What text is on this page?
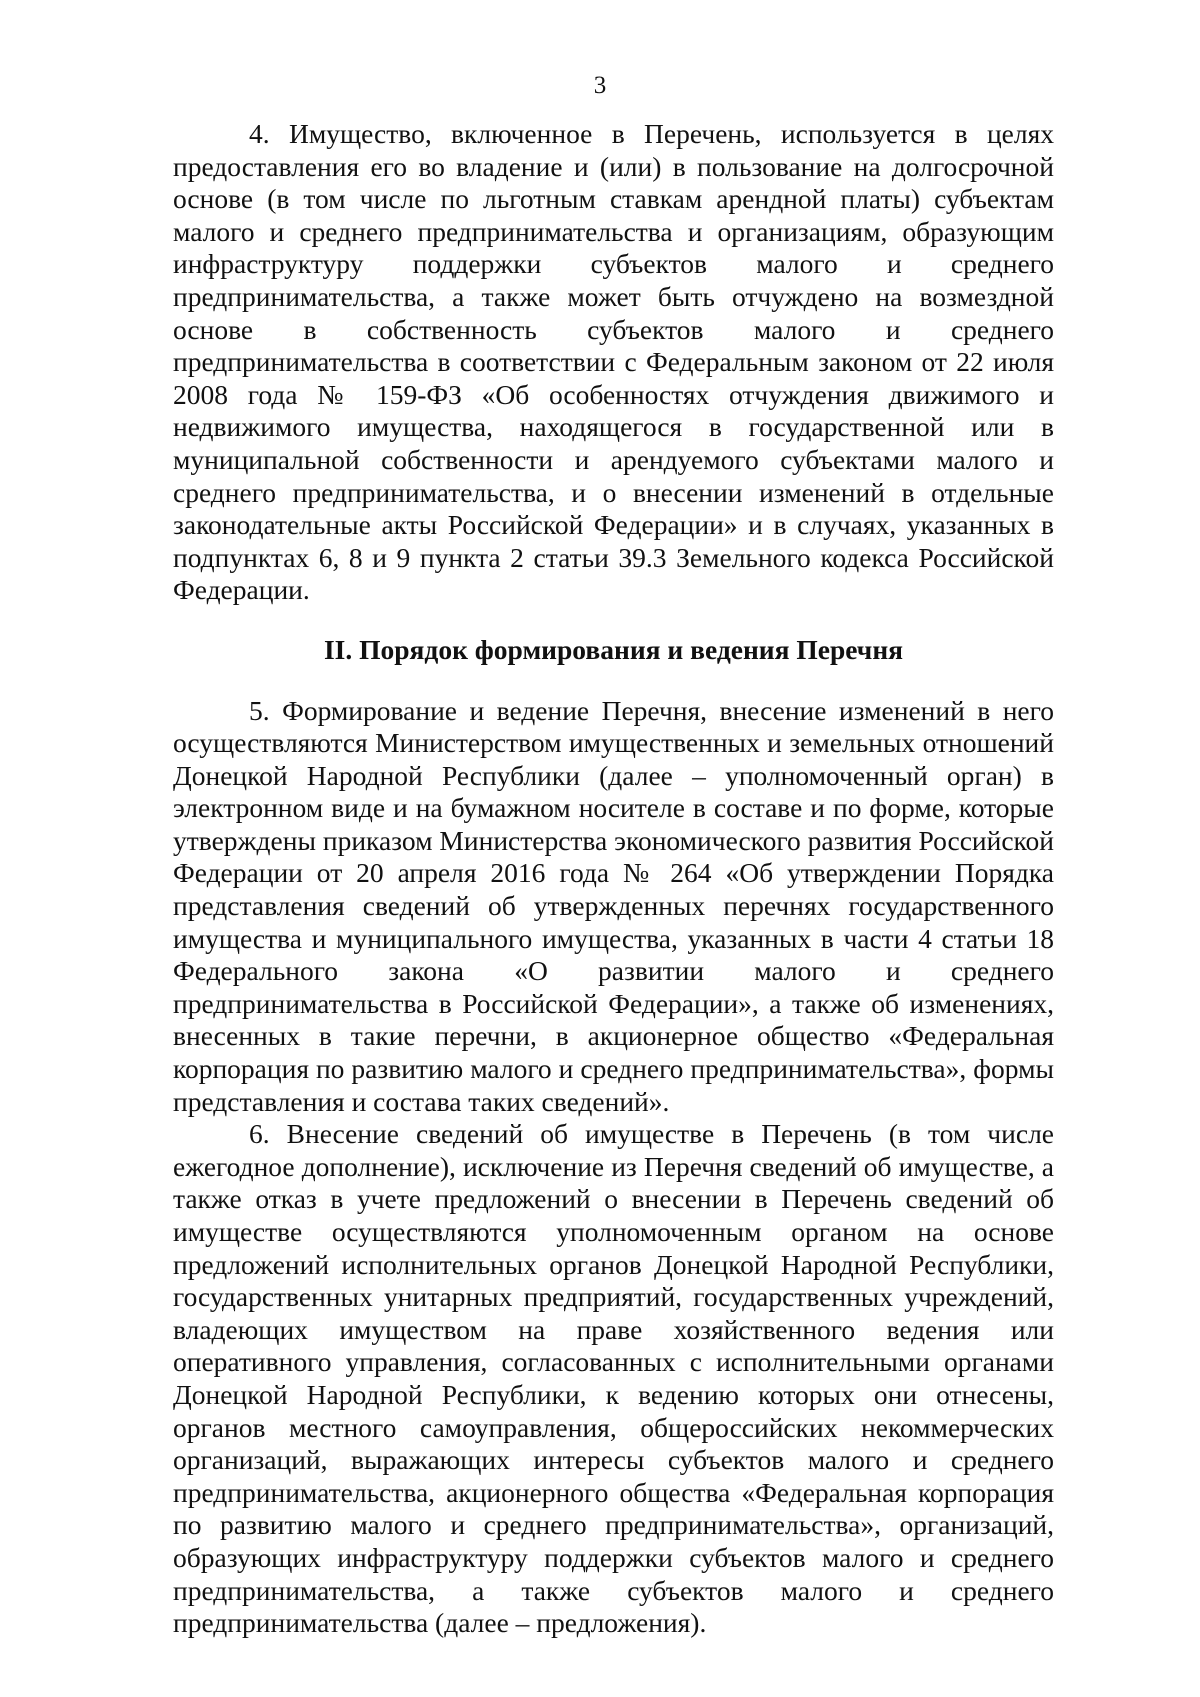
3

4. Имущество, включенное в Перечень, используется в целях предоставления его во владение и (или) в пользование на долгосрочной основе (в том числе по льготным ставкам арендной платы) субъектам малого и среднего предпринимательства и организациям, образующим инфраструктуру поддержки субъектов малого и среднего предпринимательства, а также может быть отчуждено на возмездной основе в собственность субъектов малого и среднего предпринимательства в соответствии с Федеральным законом от 22 июля 2008 года № 159-ФЗ «Об особенностях отчуждения движимого и недвижимого имущества, находящегося в государственной или в муниципальной собственности и арендуемого субъектами малого и среднего предпринимательства, и о внесении изменений в отдельные законодательные акты Российской Федерации» и в случаях, указанных в подпунктах 6, 8 и 9 пункта 2 статьи 39.3 Земельного кодекса Российской Федерации.

II. Порядок формирования и ведения Перечня

5. Формирование и ведение Перечня, внесение изменений в него осуществляются Министерством имущественных и земельных отношений Донецкой Народной Республики (далее – уполномоченный орган) в электронном виде и на бумажном носителе в составе и по форме, которые утверждены приказом Министерства экономического развития Российской Федерации от 20 апреля 2016 года № 264 «Об утверждении Порядка представления сведений об утвержденных перечнях государственного имущества и муниципального имущества, указанных в части 4 статьи 18 Федерального закона «О развитии малого и среднего предпринимательства в Российской Федерации», а также об изменениях, внесенных в такие перечни, в акционерное общество «Федеральная корпорация по развитию малого и среднего предпринимательства», формы представления и состава таких сведений».

6. Внесение сведений об имуществе в Перечень (в том числе ежегодное дополнение), исключение из Перечня сведений об имуществе, а также отказ в учете предложений о внесении в Перечень сведений об имуществе осуществляются уполномоченным органом на основе предложений исполнительных органов Донецкой Народной Республики, государственных унитарных предприятий, государственных учреждений, владеющих имуществом на праве хозяйственного ведения или оперативного управления, согласованных с исполнительными органами Донецкой Народной Республики, к ведению которых они отнесены, органов местного самоуправления, общероссийских некоммерческих организаций, выражающих интересы субъектов малого и среднего предпринимательства, акционерного общества «Федеральная корпорация по развитию малого и среднего предпринимательства», организаций, образующих инфраструктуру поддержки субъектов малого и среднего предпринимательства, а также субъектов малого и среднего предпринимательства (далее – предложения).
